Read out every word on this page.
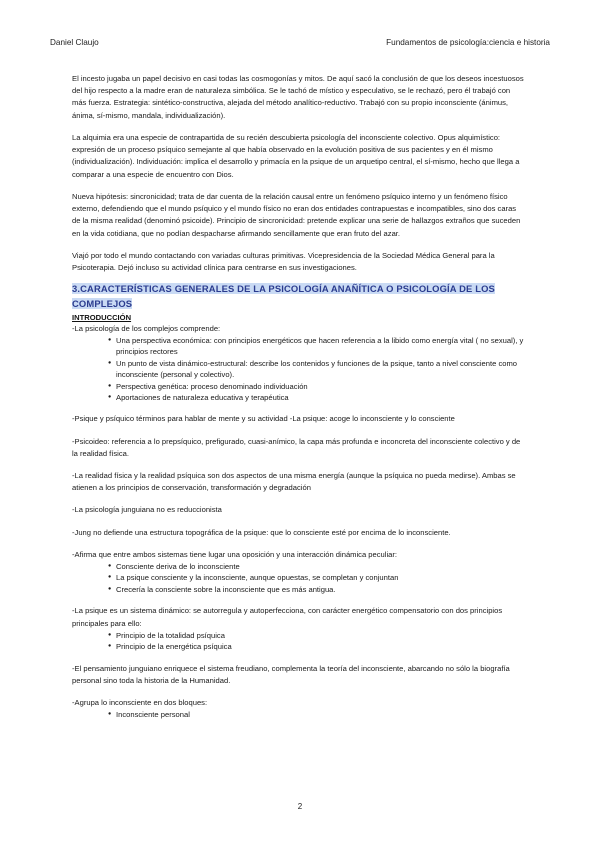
Daniel Claujo	Fundamentos de psicología:ciencia e historia

El incesto jugaba un papel decisivo en casi todas las cosmogonías y mitos. De aquí sacó la conclusión de que los deseos incestuosos del hijo respecto a la madre eran de naturaleza simbólica. Se le tachó de místico y especulativo, se le rechazó, pero él trabajó con más fuerza. Estrategia: sintético-constructiva, alejada del método analítico-reductivo. Trabajó con su propio inconsciente (ánimus, ánima, sí-mismo, mandala, individualización).

La alquimia era una especie de contrapartida de su recién descubierta psicología del inconsciente colectivo. Opus alquimístico: expresión de un proceso psíquico semejante al que había observado en la evolución positiva de sus pacientes y en él mismo (individualización). Individuación: implica el desarrollo y primacía en la psique de un arquetipo central, el sí-mismo, hecho que llega a comparar a una especie de encuentro con Dios.

Nueva hipótesis: sincronicidad; trata de dar cuenta de la relación causal entre un fenómeno psíquico interno y un fenómeno físico externo, defendiendo que el mundo psíquico y el mundo físico no eran dos entidades contrapuestas e incompatibles, sino dos caras de la misma realidad (denominó psicoide). Principio de sincronicidad: pretende explicar una serie de hallazgos extraños que suceden en la vida cotidiana, que no podían despacharse afirmando sencillamente que eran fruto del azar.

Viajó por todo el mundo contactando con variadas culturas primitivas. Vicepresidencia de la Sociedad Médica General para la Psicoterapia. Dejó incluso su actividad clínica para centrarse en sus investigaciones.

3.CARACTERÍSTICAS GENERALES DE LA PSICOLOGÍA ANAÑÍTICA O PSICOLOGÍA DE LOS COMPLEJOS
INTRODUCCIÓN
-La psicología de los complejos comprende:
● Una perspectiva económica: con principios energéticos que hacen referencia a la libido como energía vital ( no sexual), y principios rectores
● Un punto de vista dinámico-estructural: describe los contenidos y funciones de la psique, tanto a nivel consciente como inconsciente (personal y colectivo).
● Perspectiva genética: proceso denominado individuación
● Aportaciones de naturaleza educativa y terapéutica

-Psique y psíquico términos para hablar de mente y su actividad -La psique: acoge lo inconsciente y lo consciente

-Psicoideo: referencia a lo prepsíquico, prefigurado, cuasi-anímico, la capa más profunda e inconcreta del inconsciente colectivo y de la realidad física.

-La realidad física y la realidad psíquica son dos aspectos de una misma energía (aunque la psíquica no pueda medirse). Ambas se atienen a los principios de conservación, transformación y degradación

-La psicología junguiana no es reduccionista

-Jung no defiende una estructura topográfica de la psique: que lo consciente esté por encima de lo inconsciente.

-Afirma que entre ambos sistemas tiene lugar una oposición y una interacción dinámica peculiar:
● Consciente deriva de lo inconsciente
● La psique consciente y la inconsciente, aunque opuestas, se completan y conjuntan
● Crecería la consciente sobre la inconsciente que es más antigua.
-La psique es un sistema dinámico: se autorregula y autoperfecciona, con carácter energético compensatorio con dos principios principales para ello:
● Principio de la totalidad psíquica
● Principio de la energética psíquica

-El pensamiento junguiano enriquece el sistema freudiano, complementa la teoría del inconsciente, abarcando no sólo la biografía personal sino toda la historia de la Humanidad.

-Agrupa lo inconsciente en dos bloques:
● Inconsciente personal
2
